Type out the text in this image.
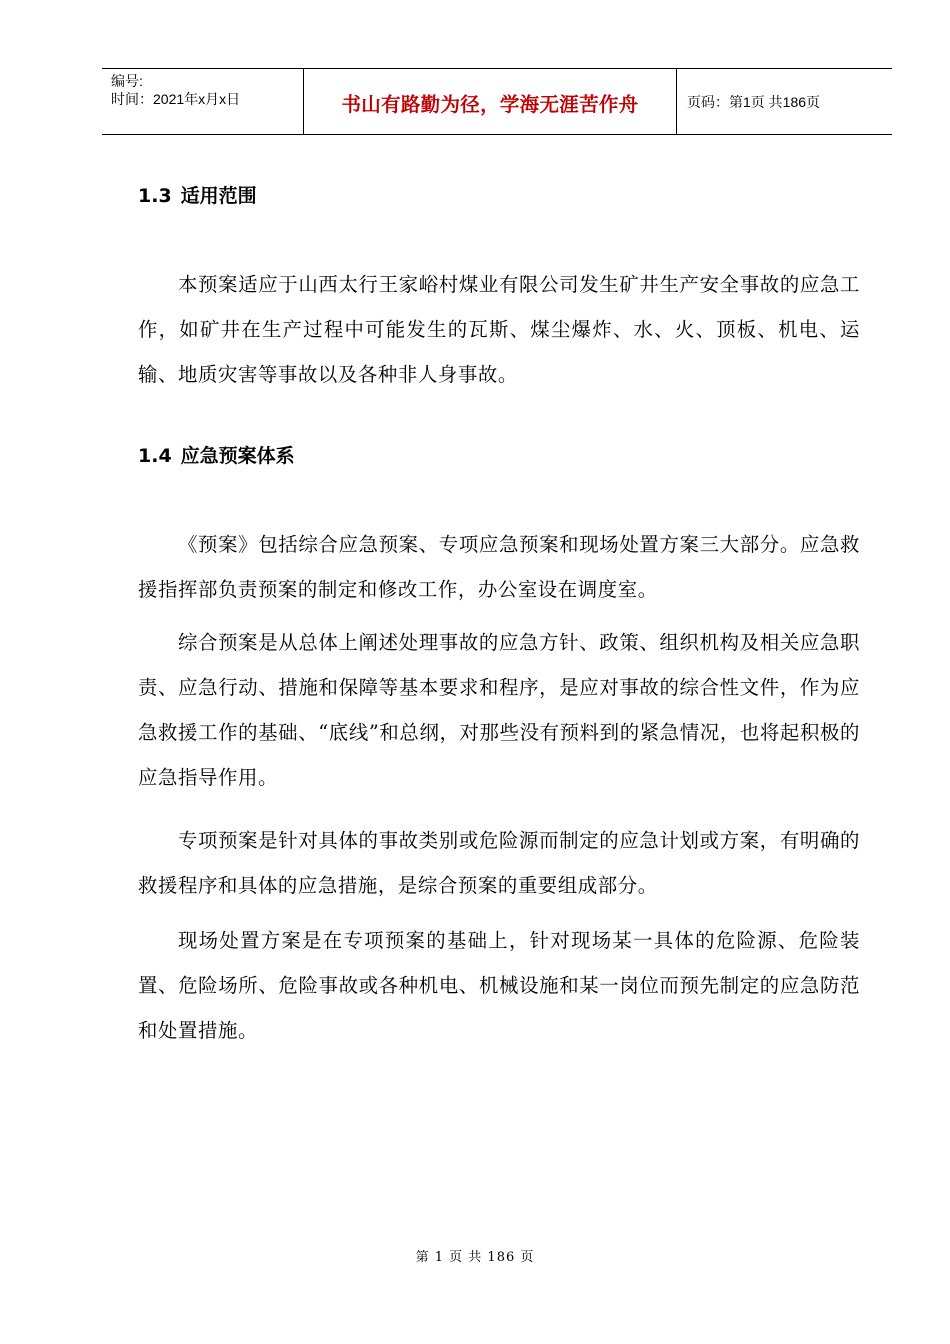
编号:
时间：2021年x月x日	书山有路勤为径，学海无涯苦作舟	页码：第1页 共186页
1.3 适用范围

本预案适应于山西太行王家峪村煤业有限公司发生矿井生产安全事故的应急工作，如矿井在生产过程中可能发生的瓦斯、煤尘爆炸、水、火、顶板、机电、运输、地质灾害等事故以及各种非人身事故。

1.4 应急预案体系

《预案》包括综合应急预案、专项应急预案和现场处置方案三大部分。应急救援指挥部负责预案的制定和修改工作，办公室设在调度室。

综合预案是从总体上阐述处理事故的应急方针、政策、组织机构及相关应急职责、应急行动、措施和保障等基本要求和程序，是应对事故的综合性文件，作为应急救援工作的基础、“底线”和总纲，对那些没有预料到的紧急情况，也将起积极的应急指导作用。

专项预案是针对具体的事故类别或危险源而制定的应急计划或方案，有明确的救援程序和具体的应急措施，是综合预案的重要组成部分。

现场处置方案是在专项预案的基础上，针对现场某一具体的危险源、危险装置、危险场所、危险事故或各种机电、机械设施和某一岗位而预先制定的应急防范和处置措施。

第 1 页 共 186 页
